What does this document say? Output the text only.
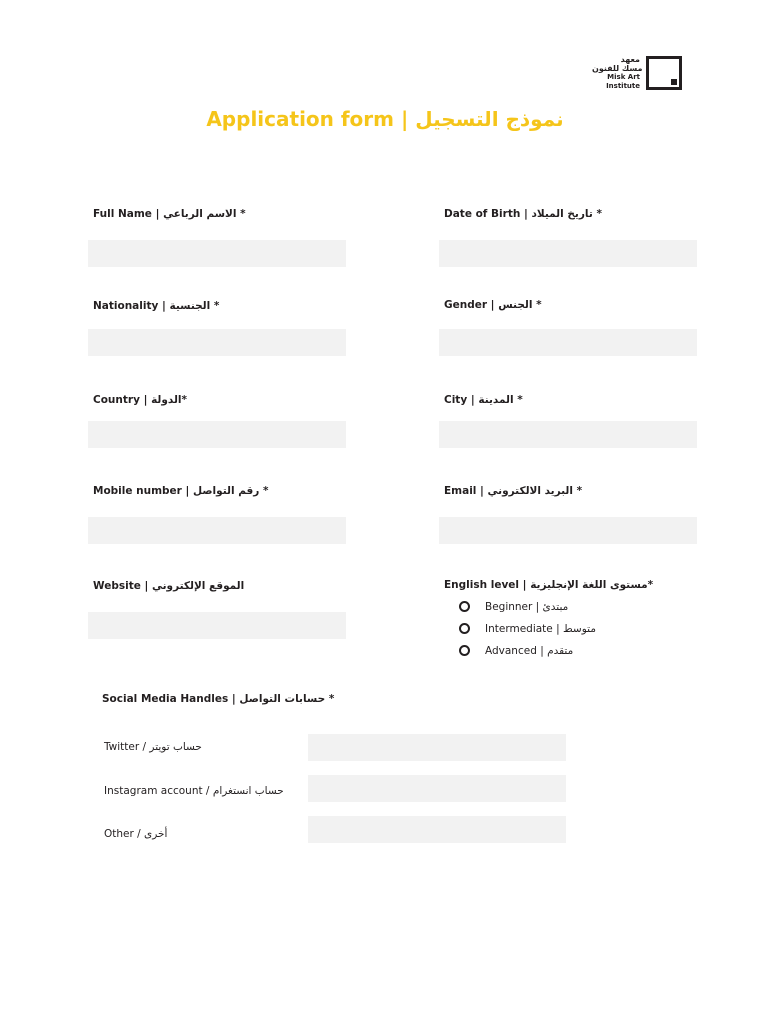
معهد
مسك للفنون
Misk Art
Institute
Application form | نموذج التسجيل
Full Name | الاسم الرباعي *	Date of Birth | تاريخ الميلاد *
Nationality | الجنسية *	Gender | الجنس *
Country | الدولة*	City | المدينة *
Mobile number | رقم التواصل *	Email | البريد الالكتروني *
Website | الموقع الإلكتروني	English level | مستوى اللغة الإنجليزية*
Beginner | مبتدئ
Intermediate | متوسط
Advanced | متقدم
Social Media Handles | حسابات التواصل *
Twitter / حساب تويتر
Instagram account / حساب انستغرام
Other / أخرى
